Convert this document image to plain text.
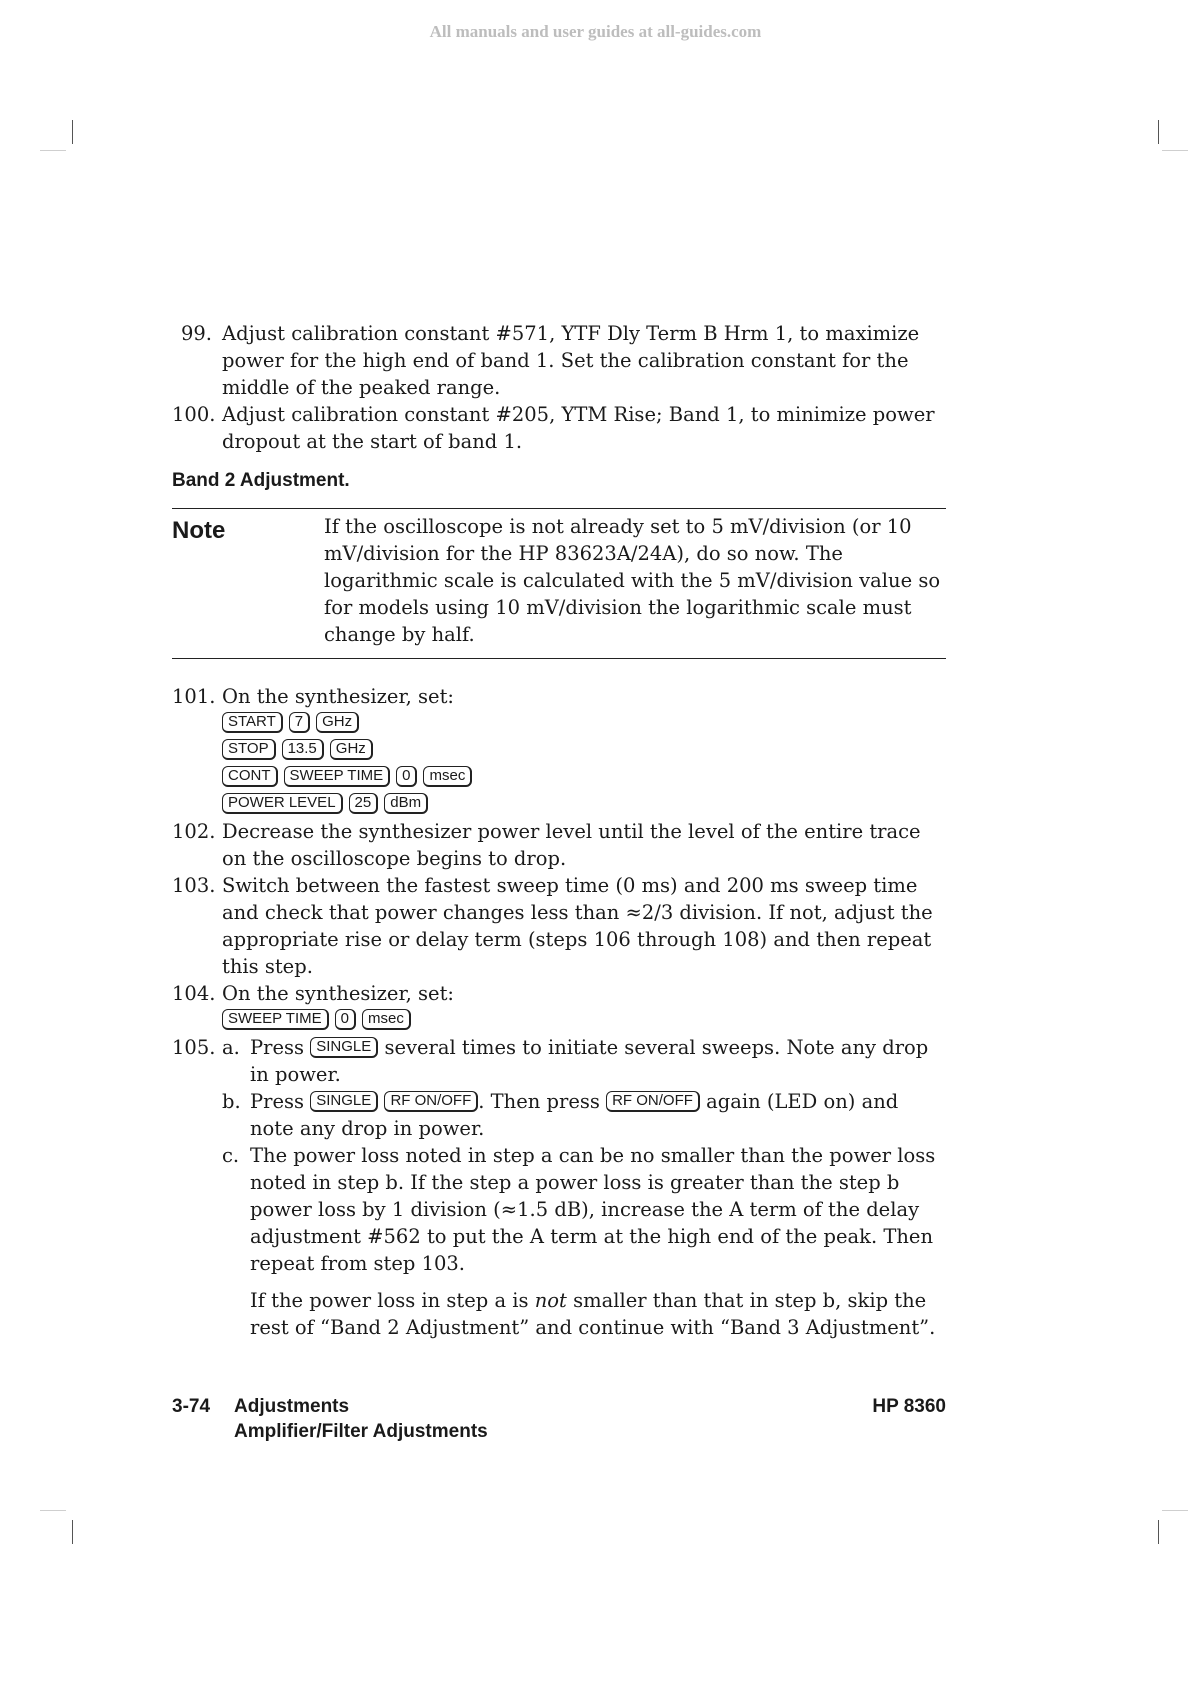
All manuals and user guides at all-guides.com
99. Adjust calibration constant #571, YTF Dly Term B Hrm 1, to maximize power for the high end of band 1. Set the calibration constant for the middle of the peaked range.
100. Adjust calibration constant #205, YTM Rise; Band 1, to minimize power dropout at the start of band 1.
Band 2 Adjustment.
Note	If the oscilloscope is not already set to 5 mV/division (or 10 mV/division for the HP 83623A/24A), do so now. The logarithmic scale is calculated with the 5 mV/division value so for models using 10 mV/division the logarithmic scale must change by half.
101. On the synthesizer, set:
START	7	GHz
STOP	13.5	GHz
CONT	SWEEP TIME	0	msec
POWER LEVEL	25	dBm
102. Decrease the synthesizer power level until the level of the entire trace on the oscilloscope begins to drop.
103. Switch between the fastest sweep time (0 ms) and 200 ms sweep time and check that power changes less than ≈2/3 division. If not, adjust the appropriate rise or delay term (steps 106 through 108) and then repeat this step.
104. On the synthesizer, set:
SWEEP TIME	0	msec
105. a. Press SINGLE several times to initiate several sweeps. Note any drop in power.
b. Press SINGLE RF ON/OFF . Then press RF ON/OFF again (LED on) and note any drop in power.
c. The power loss noted in step a can be no smaller than the power loss noted in step b. If the step a power loss is greater than the step b power loss by 1 division (≈1.5 dB), increase the A term of the delay adjustment #562 to put the A term at the high end of the peak. Then repeat from step 103.
If the power loss in step a is not smaller than that in step b, skip the rest of “Band 2 Adjustment” and continue with “Band 3 Adjustment”.
3-74	Adjustments
Amplifier/Filter Adjustments
HP 8360
